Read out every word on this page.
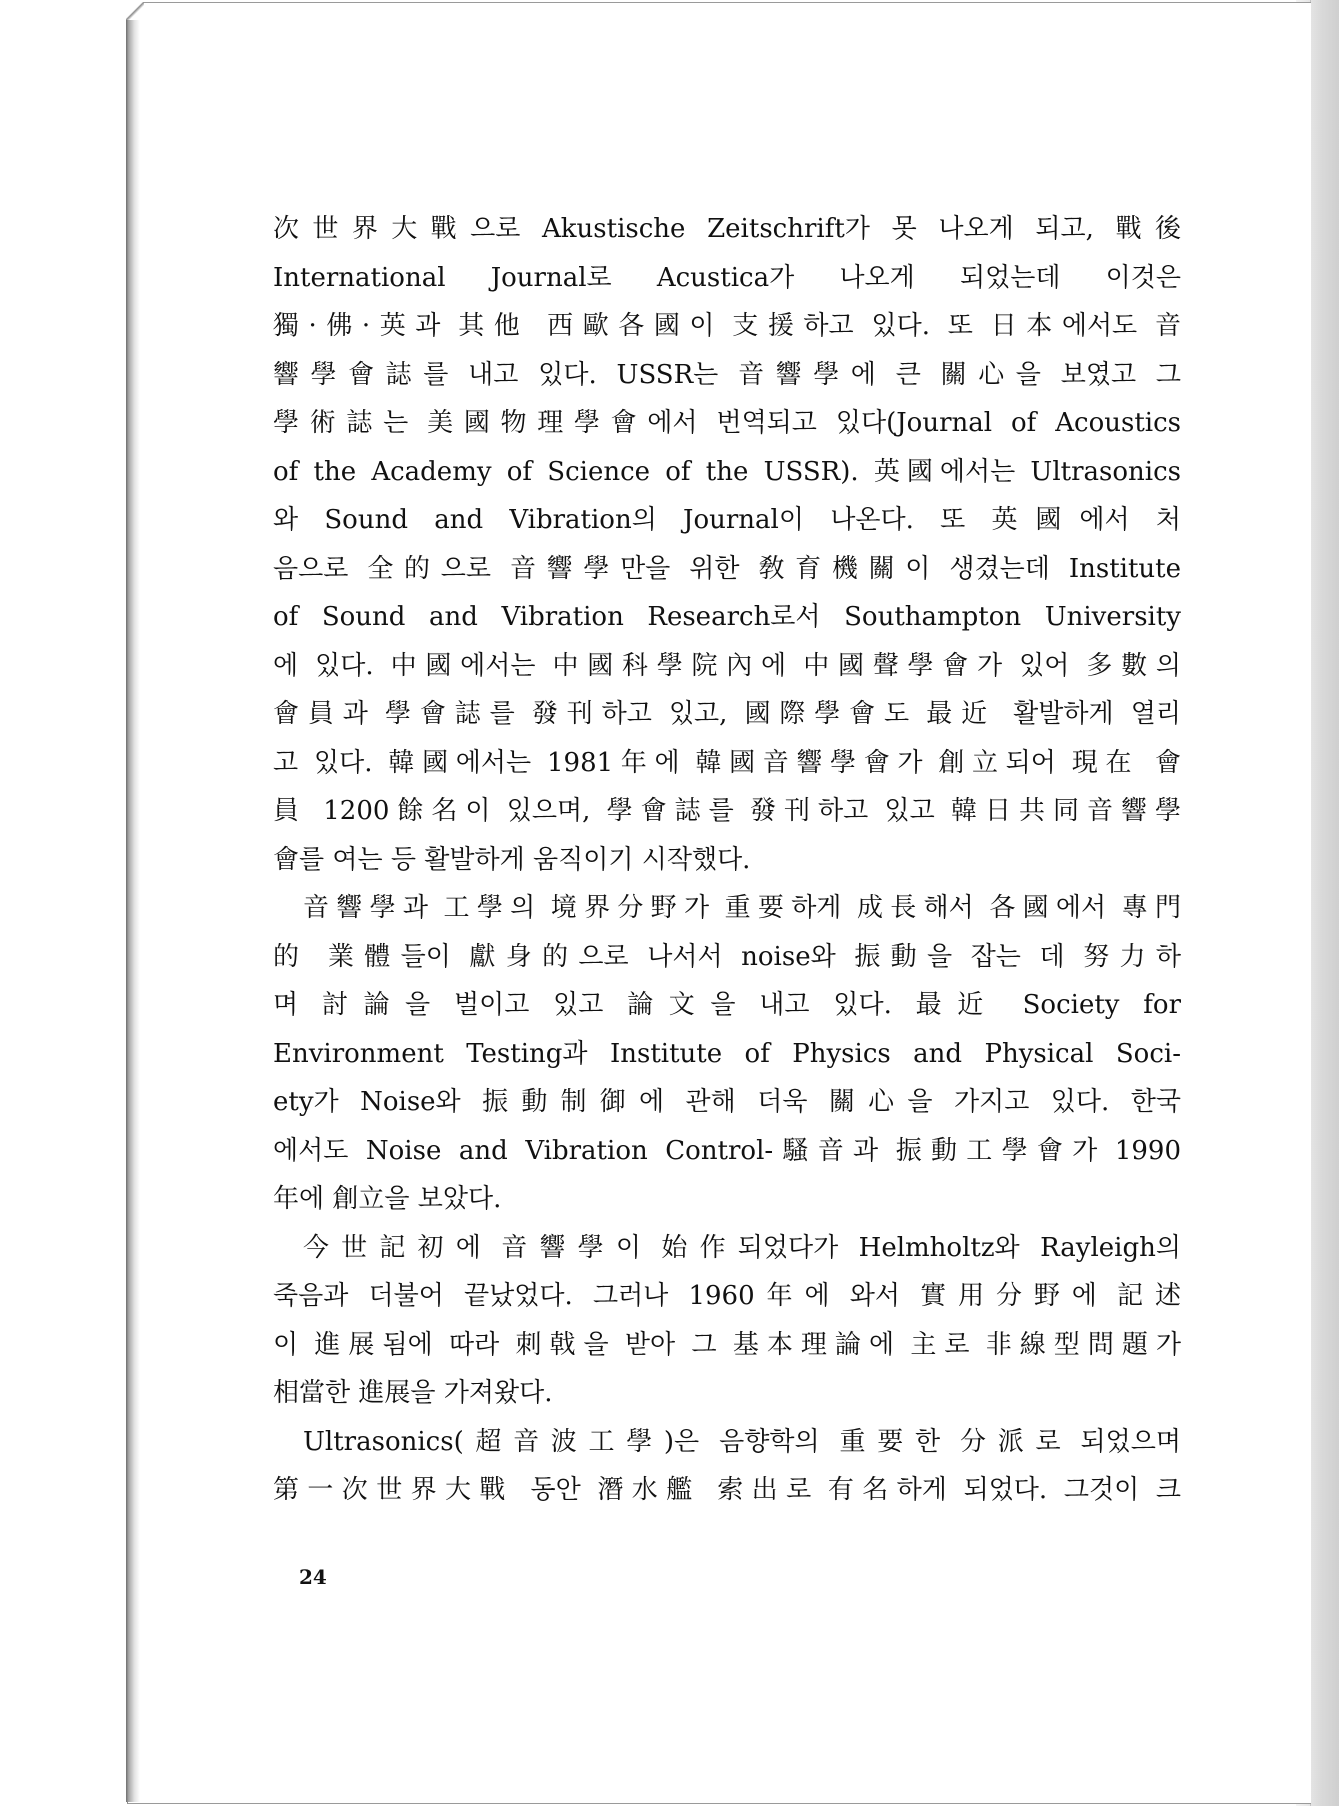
次世界大戰으로 Akustische Zeitschrift가 못 나오게 되고, 戰後
International Journal로 Acustica가 나오게 되었는데 이것은
獨·佛·英과 其他 西歐各國이 支援하고 있다. 또 日本에서도 音
響學會誌를 내고 있다. USSR는 音響學에 큰 關心을 보였고 그
學術誌는 美國物理學會에서 번역되고 있다(Journal of Acoustics
of the Academy of Science of the USSR). 英國에서는 Ultrasonics
와 Sound and Vibration의 Journal이 나온다. 또 英國에서 처
음으로 全的으로 音響學만을 위한 敎育機關이 생겼는데 Institute
of Sound and Vibration Research로서 Southampton University
에 있다. 中國에서는 中國科學院內에 中國聲學會가 있어 多數의
會員과 學會誌를 發刊하고 있고, 國際學會도 最近 활발하게 열리
고 있다. 韓國에서는 1981年에 韓國音響學會가 創立되어 現在 會
員 1200餘名이 있으며, 學會誌를 發刊하고 있고 韓日共同音響學
會를 여는 등 활발하게 움직이기 시작했다.

音響學과 工學의 境界分野가 重要하게 成長해서 各國에서 專門
的 業體들이 獻身的으로 나서서 noise와 振動을 잡는 데 努力하
며 討論을 벌이고 있고 論文을 내고 있다. 最近 Society for
Environment Testing과 Institute of Physics and Physical Soci-
ety가 Noise와 振動制御에 관해 더욱 關心을 가지고 있다. 한국
에서도 Noise and Vibration Control-騷音과 振動工學會가 1990
年에 創立을 보았다.

今世記初에 音響學이 始作되었다가 Helmholtz와 Rayleigh의
죽음과 더불어 끝났었다. 그러나 1960年에 와서 實用分野에 記述
이 進展됨에 따라 刺戟을 받아 그 基本理論에 主로 非線型問題가
相當한 進展을 가져왔다.

Ultrasonics(超音波工學)은 음향학의 重要한 分派로 되었으며
第一次世界大戰 동안 潛水艦 索出로 有名하게 되었다. 그것이 크

24
